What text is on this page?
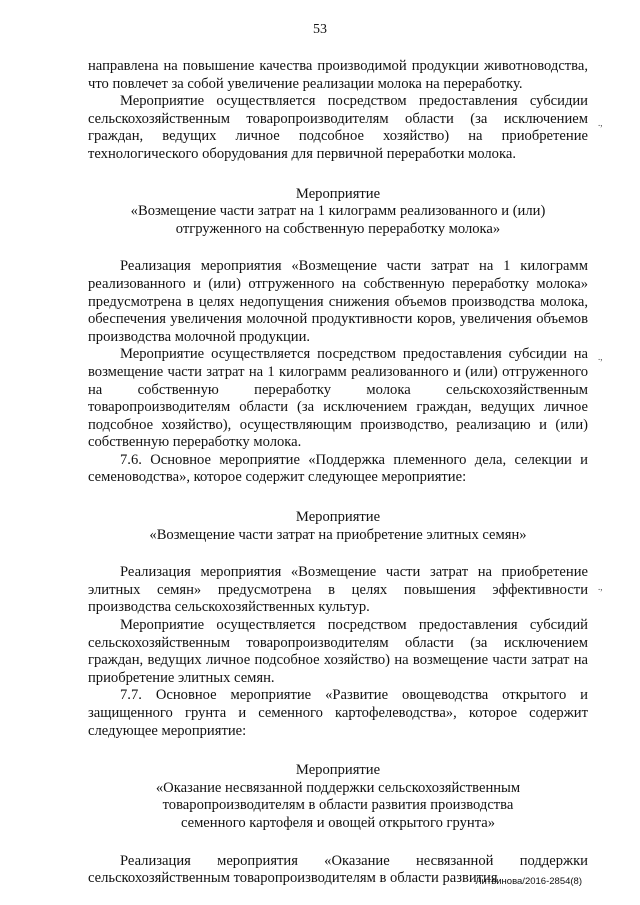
53

направлена на повышение качества производимой продукции животноводства, что повлечет за собой увеличение реализации молока на переработку.

Мероприятие осуществляется посредством предоставления субсидии сельскохозяйственным товаропроизводителям области (за исключением граждан, ведущих личное подсобное хозяйство) на приобретение технологического оборудования для первичной переработки молока.

Мероприятие
«Возмещение части затрат на 1 килограмм реализованного и (или)
отгруженного на собственную переработку молока»

Реализация мероприятия «Возмещение части затрат на 1 килограмм реализованного и (или) отгруженного на собственную переработку молока» предусмотрена в целях недопущения снижения объемов производства молока, обеспечения увеличения молочной продуктивности коров, увеличения объемов производства молочной продукции.

Мероприятие осуществляется посредством предоставления субсидии на возмещение части затрат на 1 килограмм реализованного и (или) отгруженного на собственную переработку молока сельскохозяйственным товаропроизводителям области (за исключением граждан, ведущих личное подсобное хозяйство), осуществляющим производство, реализацию и (или) собственную переработку молока.

7.6. Основное мероприятие «Поддержка племенного дела, селекции и семеноводства», которое содержит следующее мероприятие:

Мероприятие
«Возмещение части затрат на приобретение элитных семян»

Реализация мероприятия «Возмещение части затрат на приобретение элитных семян» предусмотрена в целях повышения эффективности производства сельскохозяйственных культур.

Мероприятие осуществляется посредством предоставления субсидий сельскохозяйственным товаропроизводителям области (за исключением граждан, ведущих личное подсобное хозяйство) на возмещение части затрат на приобретение элитных семян.

7.7. Основное мероприятие «Развитие овощеводства открытого и защищенного грунта и семенного картофелеводства», которое содержит следующее мероприятие:

Мероприятие
«Оказание несвязанной поддержки сельскохозяйственным
товаропроизводителям в области развития производства
семенного картофеля и овощей открытого грунта»

Реализация мероприятия «Оказание несвязанной поддержки сельскохозяйственным товаропроизводителям в области развития

Литвинова/2016-2854(8)
.,
.,
.,
